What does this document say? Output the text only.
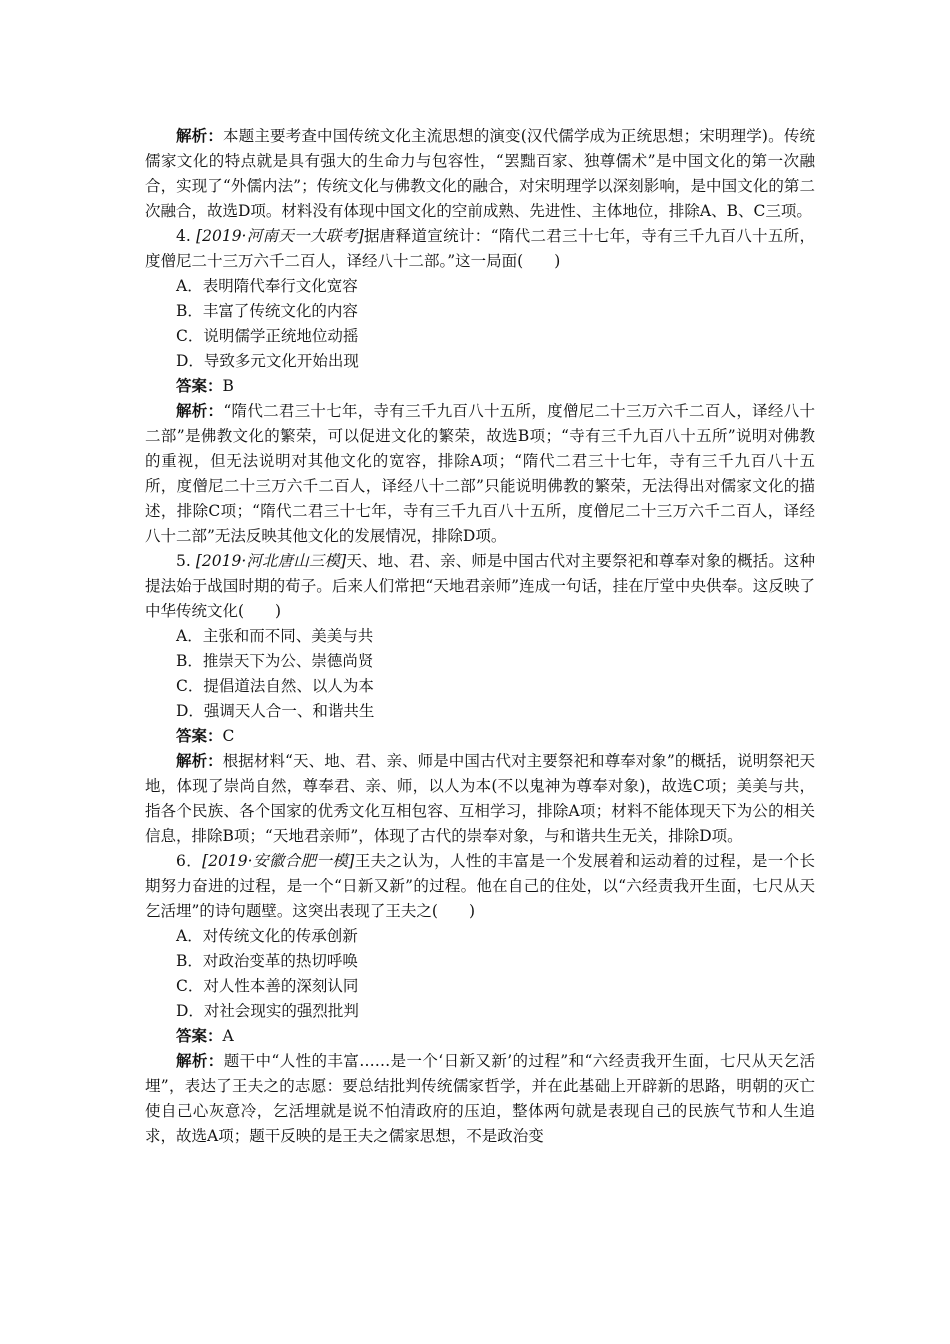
解析：本题主要考查中国传统文化主流思想的演变(汉代儒学成为正统思想；宋明理学)。传统儒家文化的特点就是具有强大的生命力与包容性，“罢黜百家、独尊儒术”是中国文化的第一次融合，实现了“外儒内法”；传统文化与佛教文化的融合，对宋明理学以深刻影响，是中国文化的第二次融合，故选D项。材料没有体现中国文化的空前成熟、先进性、主体地位，排除A、B、C三项。

4. [2019·河南天一大联考]据唐释道宣统计：“隋代二君三十七年，寺有三千九百八十五所，度僧尼二十三万六千二百人，译经八十二部。”这一局面(　　)

A．表明隋代奉行文化宽容

B．丰富了传统文化的内容

C．说明儒学正统地位动摇

D．导致多元文化开始出现

答案：B

解析：“隋代二君三十七年，寺有三千九百八十五所，度僧尼二十三万六千二百人，译经八十二部”是佛教文化的繁荣，可以促进文化的繁荣，故选B项；“寺有三千九百八十五所”说明对佛教的重视，但无法说明对其他文化的宽容，排除A项；“隋代二君三十七年，寺有三千九百八十五所，度僧尼二十三万六千二百人，译经八十二部”只能说明佛教的繁荣，无法得出对儒家文化的描述，排除C项；“隋代二君三十七年，寺有三千九百八十五所，度僧尼二十三万六千二百人，译经八十二部”无法反映其他文化的发展情况，排除D项。

5. [2019·河北唐山三模]天、地、君、亲、师是中国古代对主要祭祀和尊奉对象的概括。这种提法始于战国时期的荀子。后来人们常把“天地君亲师”连成一句话，挂在厅堂中央供奉。这反映了中华传统文化(　　)

A．主张和而不同、美美与共

B．推崇天下为公、崇德尚贤

C．提倡道法自然、以人为本

D．强调天人合一、和谐共生

答案：C

解析：根据材料“天、地、君、亲、师是中国古代对主要祭祀和尊奉对象”的概括，说明祭祀天地，体现了崇尚自然，尊奉君、亲、师，以人为本(不以鬼神为尊奉对象)，故选C项；美美与共，指各个民族、各个国家的优秀文化互相包容、互相学习，排除A项；材料不能体现天下为公的相关信息，排除B项；“天地君亲师”，体现了古代的崇奉对象，与和谐共生无关，排除D项。

6．[2019·安徽合肥一模]王夫之认为，人性的丰富是一个发展着和运动着的过程，是一个长期努力奋进的过程，是一个“日新又新”的过程。他在自己的住处，以“六经责我开生面，七尺从天乞活埋”的诗句题壁。这突出表现了王夫之(　　)

A．对传统文化的传承创新

B．对政治变革的热切呼唤

C．对人性本善的深刻认同

D．对社会现实的强烈批判

答案：A

解析：题干中“人性的丰富……是一个‘日新又新’的过程”和“六经责我开生面，七尺从天乞活埋”，表达了王夫之的志愿：要总结批判传统儒家哲学，并在此基础上开辟新的思路，明朝的灭亡使自己心灰意冷，乞活埋就是说不怕清政府的压迫，整体两句就是表现自己的民族气节和人生追求，故选A项；题干反映的是王夫之儒家思想，不是政治变
